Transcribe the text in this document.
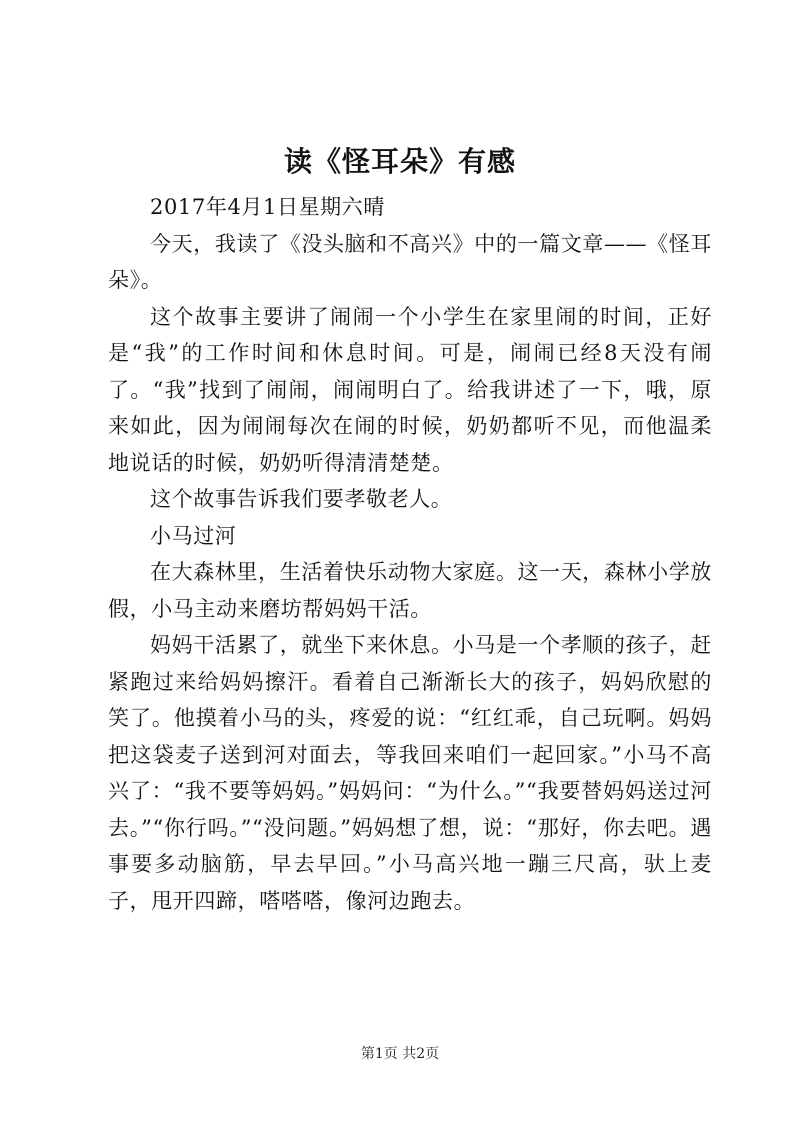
读《怪耳朵》有感

2017年4月1日星期六晴

今天，我读了《没头脑和不高兴》中的一篇文章——《怪耳朵》。

这个故事主要讲了闹闹一个小学生在家里闹的时间，正好是“我”的工作时间和休息时间。可是，闹闹已经8天没有闹了。“我”找到了闹闹，闹闹明白了。给我讲述了一下，哦，原来如此，因为闹闹每次在闹的时候，奶奶都听不见，而他温柔地说话的时候，奶奶听得清清楚楚。

这个故事告诉我们要孝敬老人。

小马过河

在大森林里，生活着快乐动物大家庭。这一天，森林小学放假，小马主动来磨坊帮妈妈干活。

妈妈干活累了，就坐下来休息。小马是一个孝顺的孩子，赶紧跑过来给妈妈擦汗。看着自己渐渐长大的孩子，妈妈欣慰的笑了。他摸着小马的头，疼爱的说：“红红乖，自己玩啊。妈妈把这袋麦子送到河对面去，等我回来咱们一起回家。”小马不高兴了：“我不要等妈妈。”妈妈问：“为什么。”“我要替妈妈送过河去。”“你行吗。”“没问题。”妈妈想了想，说：“那好，你去吧。遇事要多动脑筋，早去早回。”小马高兴地一蹦三尺高，驮上麦子，甩开四蹄，嗒嗒嗒，像河边跑去。

第1页 共2页
